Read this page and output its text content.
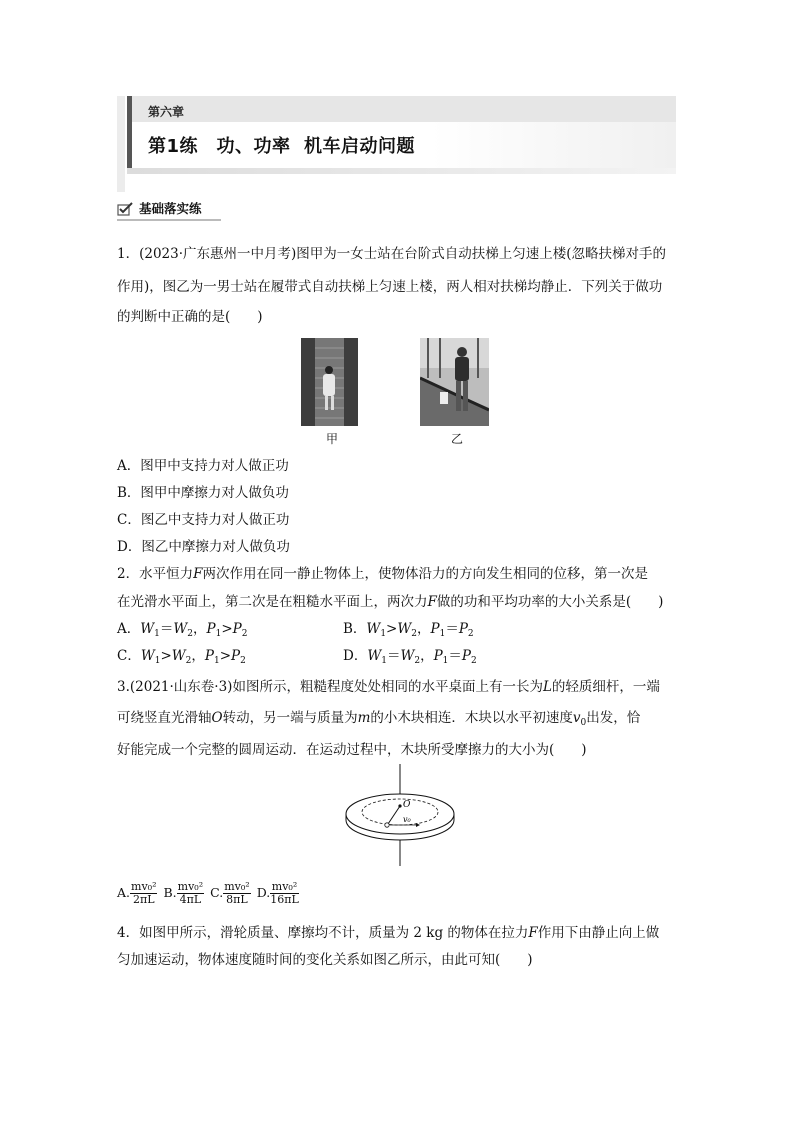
第六章
第1练　功、功率  机车启动问题
基础落实练
1．(2023·广东惠州一中月考)图甲为一女士站在台阶式自动扶梯上匀速上楼(忽略扶梯对手的
作用)，图乙为一男士站在履带式自动扶梯上匀速上楼，两人相对扶梯均静止．下列关于做功
的判断中正确的是(　　)
甲	乙
A．图甲中支持力对人做正功
B．图甲中摩擦力对人做负功
C．图乙中支持力对人做正功
D．图乙中摩擦力对人做负功
2．水平恒力F两次作用在同一静止物体上，使物体沿力的方向发生相同的位移，第一次是
在光滑水平面上，第二次是在粗糙水平面上，两次力F做的功和平均功率的大小关系是(　　)
A．$W_1=W_2$，$P_1>P_2$	B．$W_1>W_2$，$P_1=P_2$
C．$W_1>W_2$，$P_1>P_2$	D．$W_1=W_2$，$P_1=P_2$
3.(2021·山东卷·3)如图所示，粗糙程度处处相同的水平桌面上有一长为L的轻质细杆，一端
可绕竖直光滑轴O转动，另一端与质量为m的小木块相连．木块以水平初速度$v_0$出发，恰
好能完成一个完整的圆周运动．在运动过程中，木块所受摩擦力的大小为(　　)
O
v₀
A. $\frac{\text{mv₀²}}{2\pi L} B$. $\frac{\text{mv₀²}}{4\pi L} C$. $\frac{\text{mv₀²}}{8\pi L} D$. $\frac{\text{mv₀²}}{16\pi L}$
4．如图甲所示，滑轮质量、摩擦均不计，质量为 2 kg 的物体在拉力F作用下由静止向上做
匀加速运动，物体速度随时间的变化关系如图乙所示，由此可知(　　)
